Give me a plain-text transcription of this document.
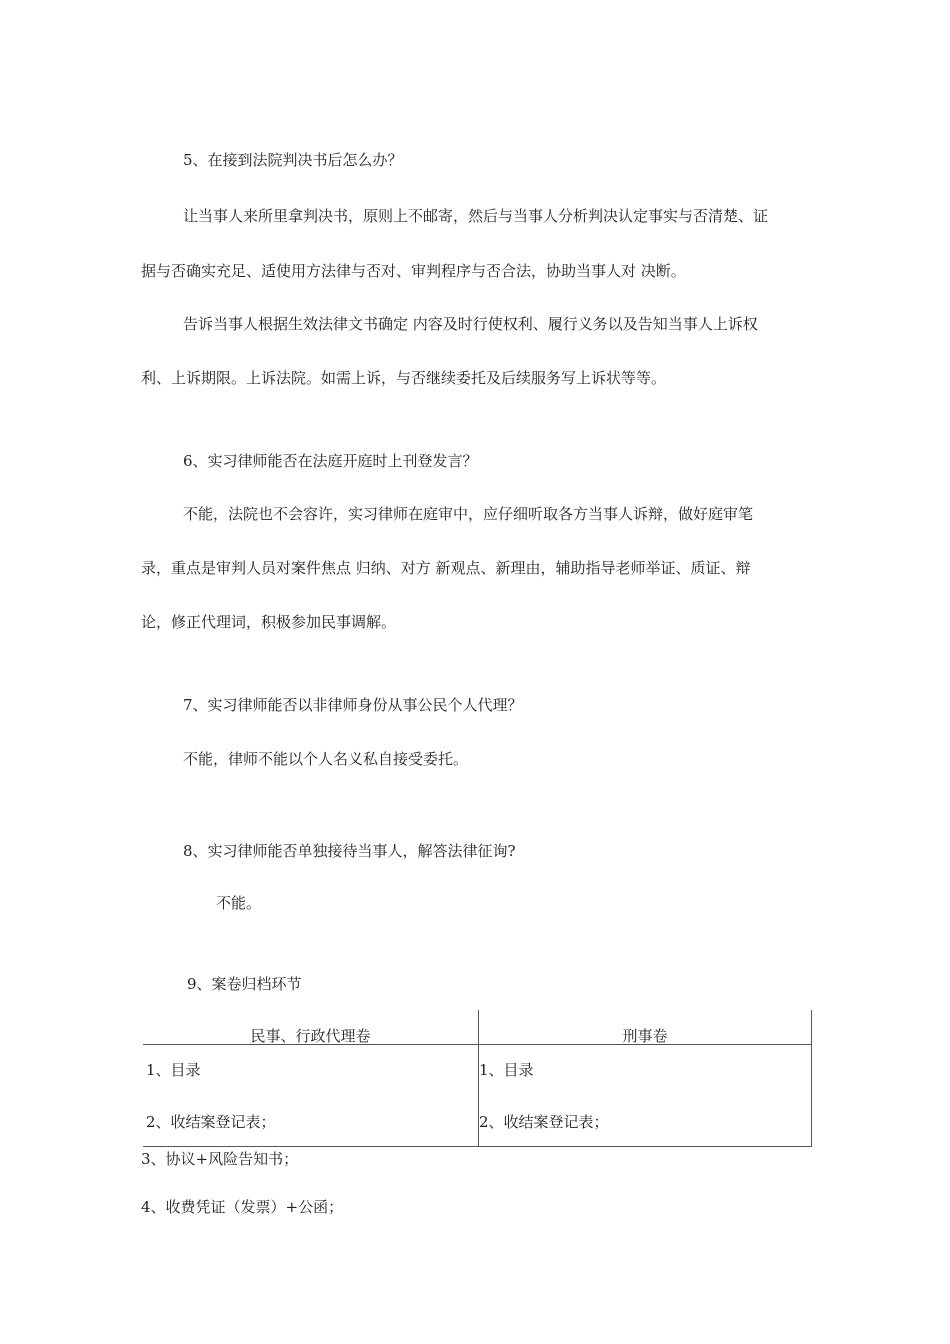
5、在接到法院判决书后怎么办？
让当事人来所里拿判决书，原则上不邮寄，然后与当事人分析判决认定事实与否清楚、证
据与否确实充足、适使用方法律与否对、审判程序与否合法，协助当事人对 决断。
告诉当事人根据生效法律文书确定 内容及时行使权利、履行义务以及告知当事人上诉权
利、上诉期限。上诉法院。如需上诉，与否继续委托及后续服务写上诉状等等。
6、实习律师能否在法庭开庭时上刊登发言？
不能，法院也不会容许，实习律师在庭审中，应仔细听取各方当事人诉辩，做好庭审笔
录，重点是审判人员对案件焦点 归纳、对方 新观点、新理由，辅助指导老师举证、质证、辩
论，修正代理词，积极参加民事调解。
7、实习律师能否以非律师身份从事公民个人代理？
不能，律师不能以个人名义私自接受委托。
8、实习律师能否单独接待当事人，解答法律征询?
不能。
9、案卷归档环节
民事、行政代理卷	刑事卷
1、目录
2、收结案登记表；
1、目录
2、收结案登记表；
3、协议+风险告知书；
4、收费凭证（发票）+公函；
